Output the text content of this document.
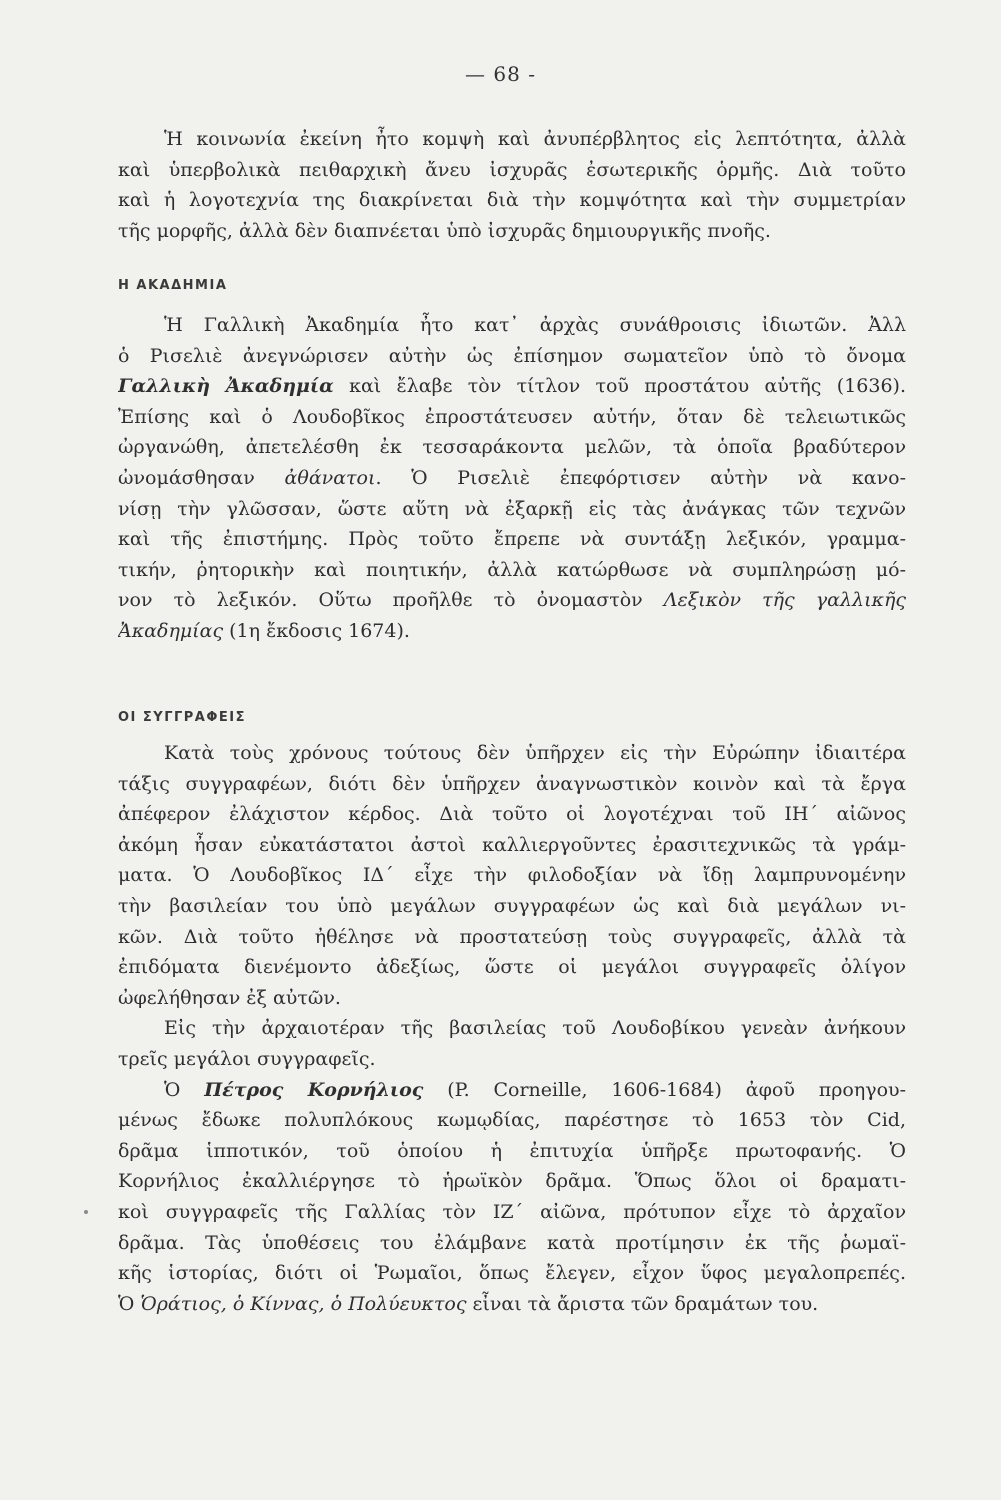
— 68 -
Ἡ κοινωνία ἐκείνη ἦτο κομψὴ καὶ ἀνυπέρβλητος εἰς λεπτότητα, ἀλλὰ
καὶ ὑπερβολικὰ πειθαρχικὴ ἄνευ ἰσχυρᾶς ἐσωτερικῆς ὁρμῆς. Διὰ τοῦτο
καὶ ἡ λογοτεχνία της διακρίνεται διὰ τὴν κομψότητα καὶ τὴν συμμετρίαν
τῆς μορφῆς, ἀλλὰ δὲν διαπνέεται ὑπὸ ἰσχυρᾶς δημιουργικῆς πνοῆς.
Η ΑΚΑΔΗΜΙΑ
Ἡ Γαλλικὴ Ἀκαδημία ἦτο κατ᾽ ἀρχὰς συνάθροισις ἰδιωτῶν. Ἀλλ
ὁ Ρισελιὲ ἀνεγνώρισεν αὐτὴν ὡς ἐπίσημον σωματεῖον ὑπὸ τὸ ὄνομα
Γαλλικὴ Ἀκαδημία καὶ ἔλαβε τὸν τίτλον τοῦ προστάτου αὐτῆς (1636).
Ἐπίσης καὶ ὁ Λουδοβῖκος ἐπροστάτευσεν αὐτήν, ὅταν δὲ τελειωτικῶς
ὠργανώθη, ἀπετελέσθη ἐκ τεσσαράκοντα μελῶν, τὰ ὁποῖα βραδύτερον
ὠνομάσθησαν ἀθάνατοι. Ὁ Ρισελιὲ ἐπεφόρτισεν αὐτὴν νὰ κανο-
νίσῃ τὴν γλῶσσαν, ὥστε αὕτη νὰ ἐξαρκῇ εἰς τὰς ἀνάγκας τῶν τεχνῶν
καὶ τῆς ἐπιστήμης. Πρὸς τοῦτο ἔπρεπε νὰ συντάξῃ λεξικόν, γραμμα-
τικήν, ῥητορικὴν καὶ ποιητικήν, ἀλλὰ κατώρθωσε νὰ συμπληρώσῃ μό-
νον τὸ λεξικόν. Οὕτω προῆλθε τὸ ὀνομαστὸν Λεξικὸν τῆς γαλλικῆς
Ἀκαδημίας (1η ἔκδοσις 1674).
ΟΙ ΣΥΓΓΡΑΦΕΙΣ
Κατὰ τοὺς χρόνους τούτους δὲν ὑπῆρχεν εἰς τὴν Εὐρώπην ἰδιαιτέρα
τάξις συγγραφέων, διότι δὲν ὑπῆρχεν ἀναγνωστικὸν κοινὸν καὶ τὰ ἔργα
ἀπέφερον ἐλάχιστον κέρδος. Διὰ τοῦτο οἱ λογοτέχναι τοῦ ΙΗ´ αἰῶνος
ἀκόμη ἦσαν εὐκατάστατοι ἀστοὶ καλλιεργοῦντες ἐρασιτεχνικῶς τὰ γράμ-
ματα. Ὁ Λουδοβῖκος ΙΔ´ εἶχε τὴν φιλοδοξίαν νὰ ἴδῃ λαμπρυνομένην
τὴν βασιλείαν του ὑπὸ μεγάλων συγγραφέων ὡς καὶ διὰ μεγάλων νι-
κῶν. Διὰ τοῦτο ἠθέλησε νὰ προστατεύσῃ τοὺς συγγραφεῖς, ἀλλὰ τὰ
ἐπιδόματα διενέμοντο ἀδεξίως, ὥστε οἱ μεγάλοι συγγραφεῖς ὀλίγον
ὠφελήθησαν ἐξ αὐτῶν.
Εἰς τὴν ἀρχαιοτέραν τῆς βασιλείας τοῦ Λουδοβίκου γενεὰν ἀνήκουν
τρεῖς μεγάλοι συγγραφεῖς.
Ὁ Πέτρος Κορνήλιος (P. Corneille, 1606-1684) ἀφοῦ προηγου-
μένως ἔδωκε πολυπλόκους κωμῳδίας, παρέστησε τὸ 1653 τὸν Cid,
δρᾶμα ἱπποτικόν, τοῦ ὁποίου ἡ ἐπιτυχία ὑπῆρξε πρωτοφανής. Ὁ
Κορνήλιος ἐκαλλιέργησε τὸ ἡρωϊκὸν δρᾶμα. Ὅπως ὅλοι οἱ δραματι-
κοὶ συγγραφεῖς τῆς Γαλλίας τὸν ΙΖ´ αἰῶνα, πρότυπον εἶχε τὸ ἀρχαῖον
δρᾶμα. Τὰς ὑποθέσεις του ἐλάμβανε κατὰ προτίμησιν ἐκ τῆς ῥωμαϊ-
κῆς ἱστορίας, διότι οἱ Ῥωμαῖοι, ὅπως ἔλεγεν, εἶχον ὕφος μεγαλοπρεπές.
Ὁ Ὁράτιος, ὁ Κίννας, ὁ Πολύευκτος εἶναι τὰ ἄριστα τῶν δραμάτων του.
